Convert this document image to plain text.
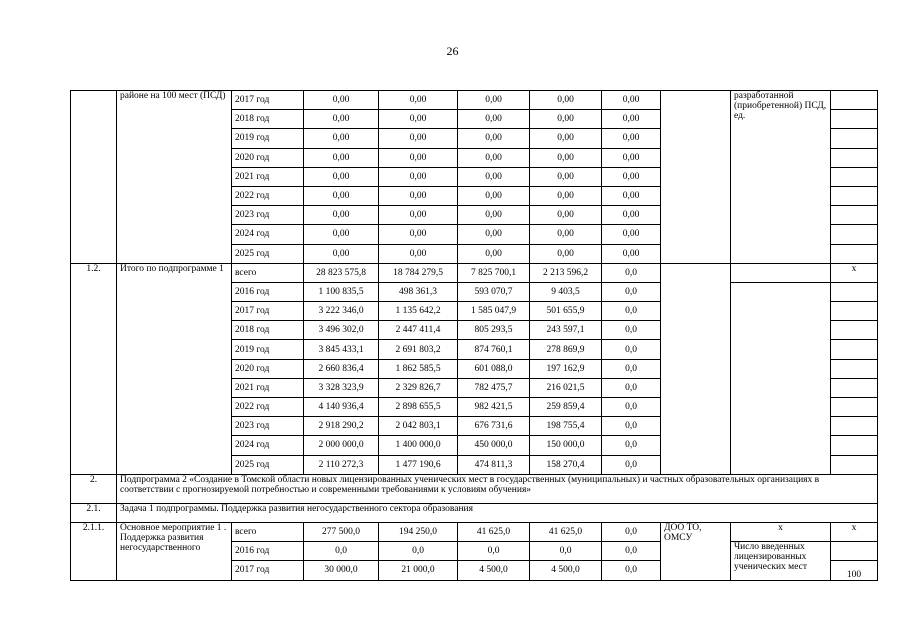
26
	районе на 100 мест (ПСД)	2017 год	0,00	0,00	0,00	0,00	0,00		разработанной (приобретенной) ПСД, ед.	
		2018 год	0,00	0,00	0,00	0,00	0,00			
		2019 год	0,00	0,00	0,00	0,00	0,00			
		2020 год	0,00	0,00	0,00	0,00	0,00			
		2021 год	0,00	0,00	0,00	0,00	0,00			
		2022 год	0,00	0,00	0,00	0,00	0,00			
		2023 год	0,00	0,00	0,00	0,00	0,00			
		2024 год	0,00	0,00	0,00	0,00	0,00			
		2025 год	0,00	0,00	0,00	0,00	0,00			
1.2.	Итого по подпрограмме 1	всего	28 823 575,8	18 784 279,5	7 825 700,1	2 213 596,2	0,0			x
		2016 год	1 100 835,5	498 361,3	593 070,7	9 403,5	0,0			
		2017 год	3 222 346,0	1 135 642,2	1 585 047,9	501 655,9	0,0			
		2018 год	3 496 302,0	2 447 411,4	805 293,5	243 597,1	0,0			
		2019 год	3 845 433,1	2 691 803,2	874 760,1	278 869,9	0,0			
		2020 год	2 660 836,4	1 862 585,5	601 088,0	197 162,9	0,0			
		2021 год	3 328 323,9	2 329 826,7	782 475,7	216 021,5	0,0			
		2022 год	4 140 936,4	2 898 655,5	982 421,5	259 859,4	0,0			
		2023 год	2 918 290,2	2 042 803,1	676 731,6	198 755,4	0,0			
		2024 год	2 000 000,0	1 400 000,0	450 000,0	150 000,0	0,0			
		2025 год	2 110 272,3	1 477 190,6	474 811,3	158 270,4	0,0			
2.	Подпрограмма 2 «Создание в Томской области новых лицензированных ученических мест в государственных (муниципальных) и частных образовательных организациях в соответствии с прогнозируемой потребностью и современными требованиями к условиям обучения»									
2.1.	Задача 1 подпрограммы. Поддержка развития негосударственного сектора образования									
2.1.1.	Основное мероприятие 1 . Поддержка развития негосударственного	всего	277 500,0	194 250,0	41 625,0	41 625,0	0,0	ДОО ТО, ОМСУ	x	x
		2016 год	0,0	0,0	0,0	0,0	0,0		Число введенных лицензированных ученических мест	
		2017 год	30 000,0	21 000,0	4 500,0	4 500,0	0,0			100
